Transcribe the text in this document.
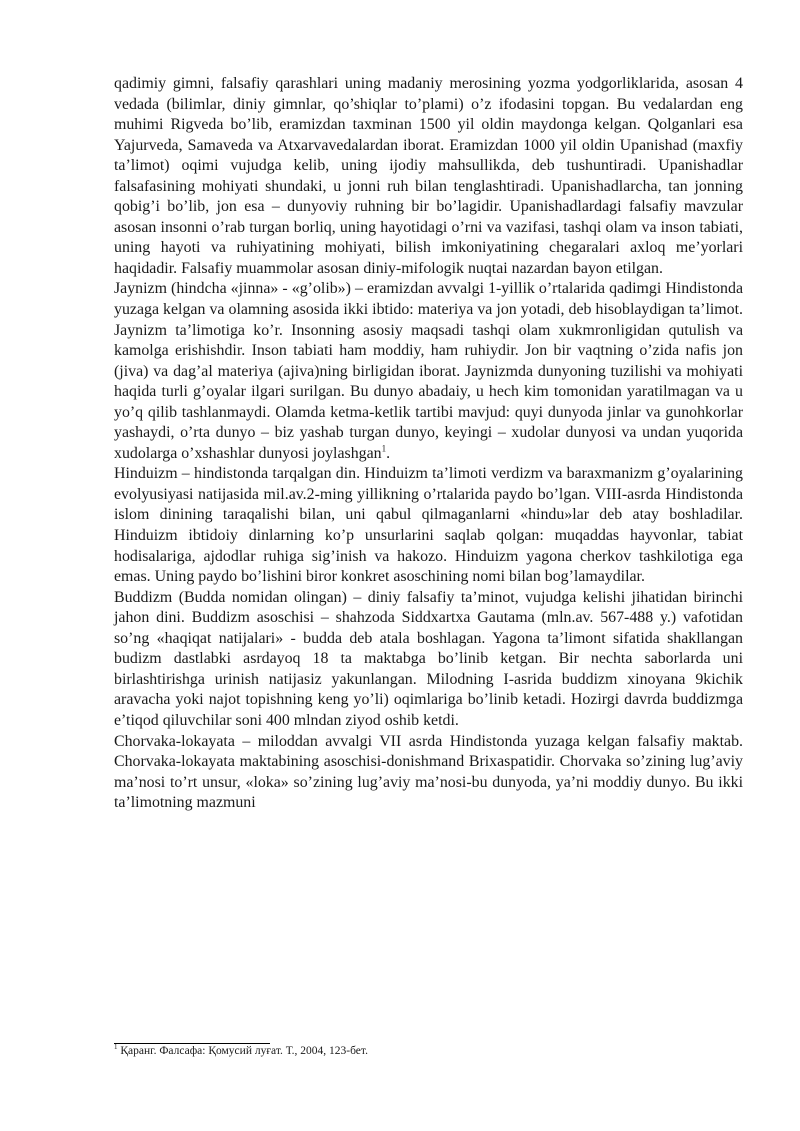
qadimiy gimni, falsafiy qarashlari uning madaniy merosining yozma yodgorliklarida, asosan 4 vedada (bilimlar, diniy gimnlar, qo’shiqlar to’plami) o’z ifodasini topgan. Bu vedalardan eng muhimi Rigveda bo’lib, eramizdan taxminan 1500 yil oldin maydonga kelgan. Qolganlari esa Yajurveda, Samaveda va Atxarvavedalardan iborat. Eramizdan 1000 yil oldin Upanishad (maxfiy ta’limot) oqimi vujudga kelib, uning ijodiy mahsullikda, deb tushuntiradi. Upanishadlar falsafasining mohiyati shundaki, u jonni ruh bilan tenglashtiradi. Upanishadlarcha, tan jonning qobig’i bo’lib, jon esa – dunyoviy ruhning bir bo’lagidir. Upanishadlardagi falsafiy mavzular asosan insonni o’rab turgan borliq, uning hayotidagi o’rni va vazifasi, tashqi olam va inson tabiati, uning hayoti va ruhiyatining mohiyati, bilish imkoniyatining chegaralari axloq me’yorlari haqidadir. Falsafiy muammolar asosan diniy-mifologik nuqtai nazardan bayon etilgan.

Jaynizm (hindcha «jinna» - «g’olib») – eramizdan avvalgi 1-yillik o’rtalarida qadimgi Hindistonda yuzaga kelgan va olamning asosida ikki ibtido: materiya va jon yotadi, deb hisoblaydigan ta’limot. Jaynizm ta’limotiga ko’r. Insonning asosiy maqsadi tashqi olam xukmronligidan qutulish va kamolga erishishdir. Inson tabiati ham moddiy, ham ruhiydir. Jon bir vaqtning o’zida nafis jon (jiva) va dag’al materiya (ajiva)ning birligidan iborat. Jaynizmda dunyoning tuzilishi va mohiyati haqida turli g’oyalar ilgari surilgan. Bu dunyo abadaiy, u hech kim tomonidan yaratilmagan va u yo’q qilib tashlanmaydi. Olamda ketma-ketlik tartibi mavjud: quyi dunyoda jinlar va gunohkorlar yashaydi, o’rta dunyo – biz yashab turgan dunyo, keyingi – xudolar dunyosi va undan yuqorida xudolarga o’xshashlar dunyosi joylashgan$^1$.

Hinduizm – hindistonda tarqalgan din. Hinduizm ta’limoti verdizm va baraxmanizm g’oyalarining evolyusiyasi natijasida mil.av.2-ming yillikning o’rtalarida paydo bo’lgan. VIII-asrda Hindistonda islom dinining taraqalishi bilan, uni qabul qilmaganlarni «hindu»lar deb atay boshladilar. Hinduizm ibtidoiy dinlarning ko’p unsurlarini saqlab qolgan: muqaddas hayvonlar, tabiat hodisalariga, ajdodlar ruhiga sig’inish va hakozo. Hinduizm yagona cherkov tashkilotiga ega emas. Uning paydo bo’lishini biror konkret asoschining nomi bilan bog’lamaydilar.

Buddizm (Budda nomidan olingan) – diniy falsafiy ta’minot, vujudga kelishi jihatidan birinchi jahon dini. Buddizm asoschisi – shahzoda Siddxartxa Gautama (mln.av. 567-488 y.) vafotidan so’ng «haqiqat natijalari» - budda deb atala boshlagan. Yagona ta’limont sifatida shakllangan budizm dastlabki asrdayoq 18 ta maktabga bo’linib ketgan. Bir nechta saborlarda uni birlashtirishga urinish natijasiz yakunlangan. Milodning I-asrida buddizm xinoyana 9kichik aravacha yoki najot topishning keng yo’li) oqimlariga bo’linib ketadi. Hozirgi davrda buddizmga e’tiqod qiluvchilar soni 400 mlndan ziyod oshib ketdi.

Chorvaka-lokayata – miloddan avvalgi VII asrda Hindistonda yuzaga kelgan falsafiy maktab. Chorvaka-lokayata maktabining asoschisi-donishmand Brixaspatidir. Chorvaka so’zining lug’aviy ma’nosi to’rt unsur, «loka» so’zining lug’aviy ma’nosi-bu dunyoda, ya’ni moddiy dunyo. Bu ikki ta’limotning mazmuni

$^1$ Қаранг. Фалсафа: Қомусий луғат. Т., 2004, 123-бет.
